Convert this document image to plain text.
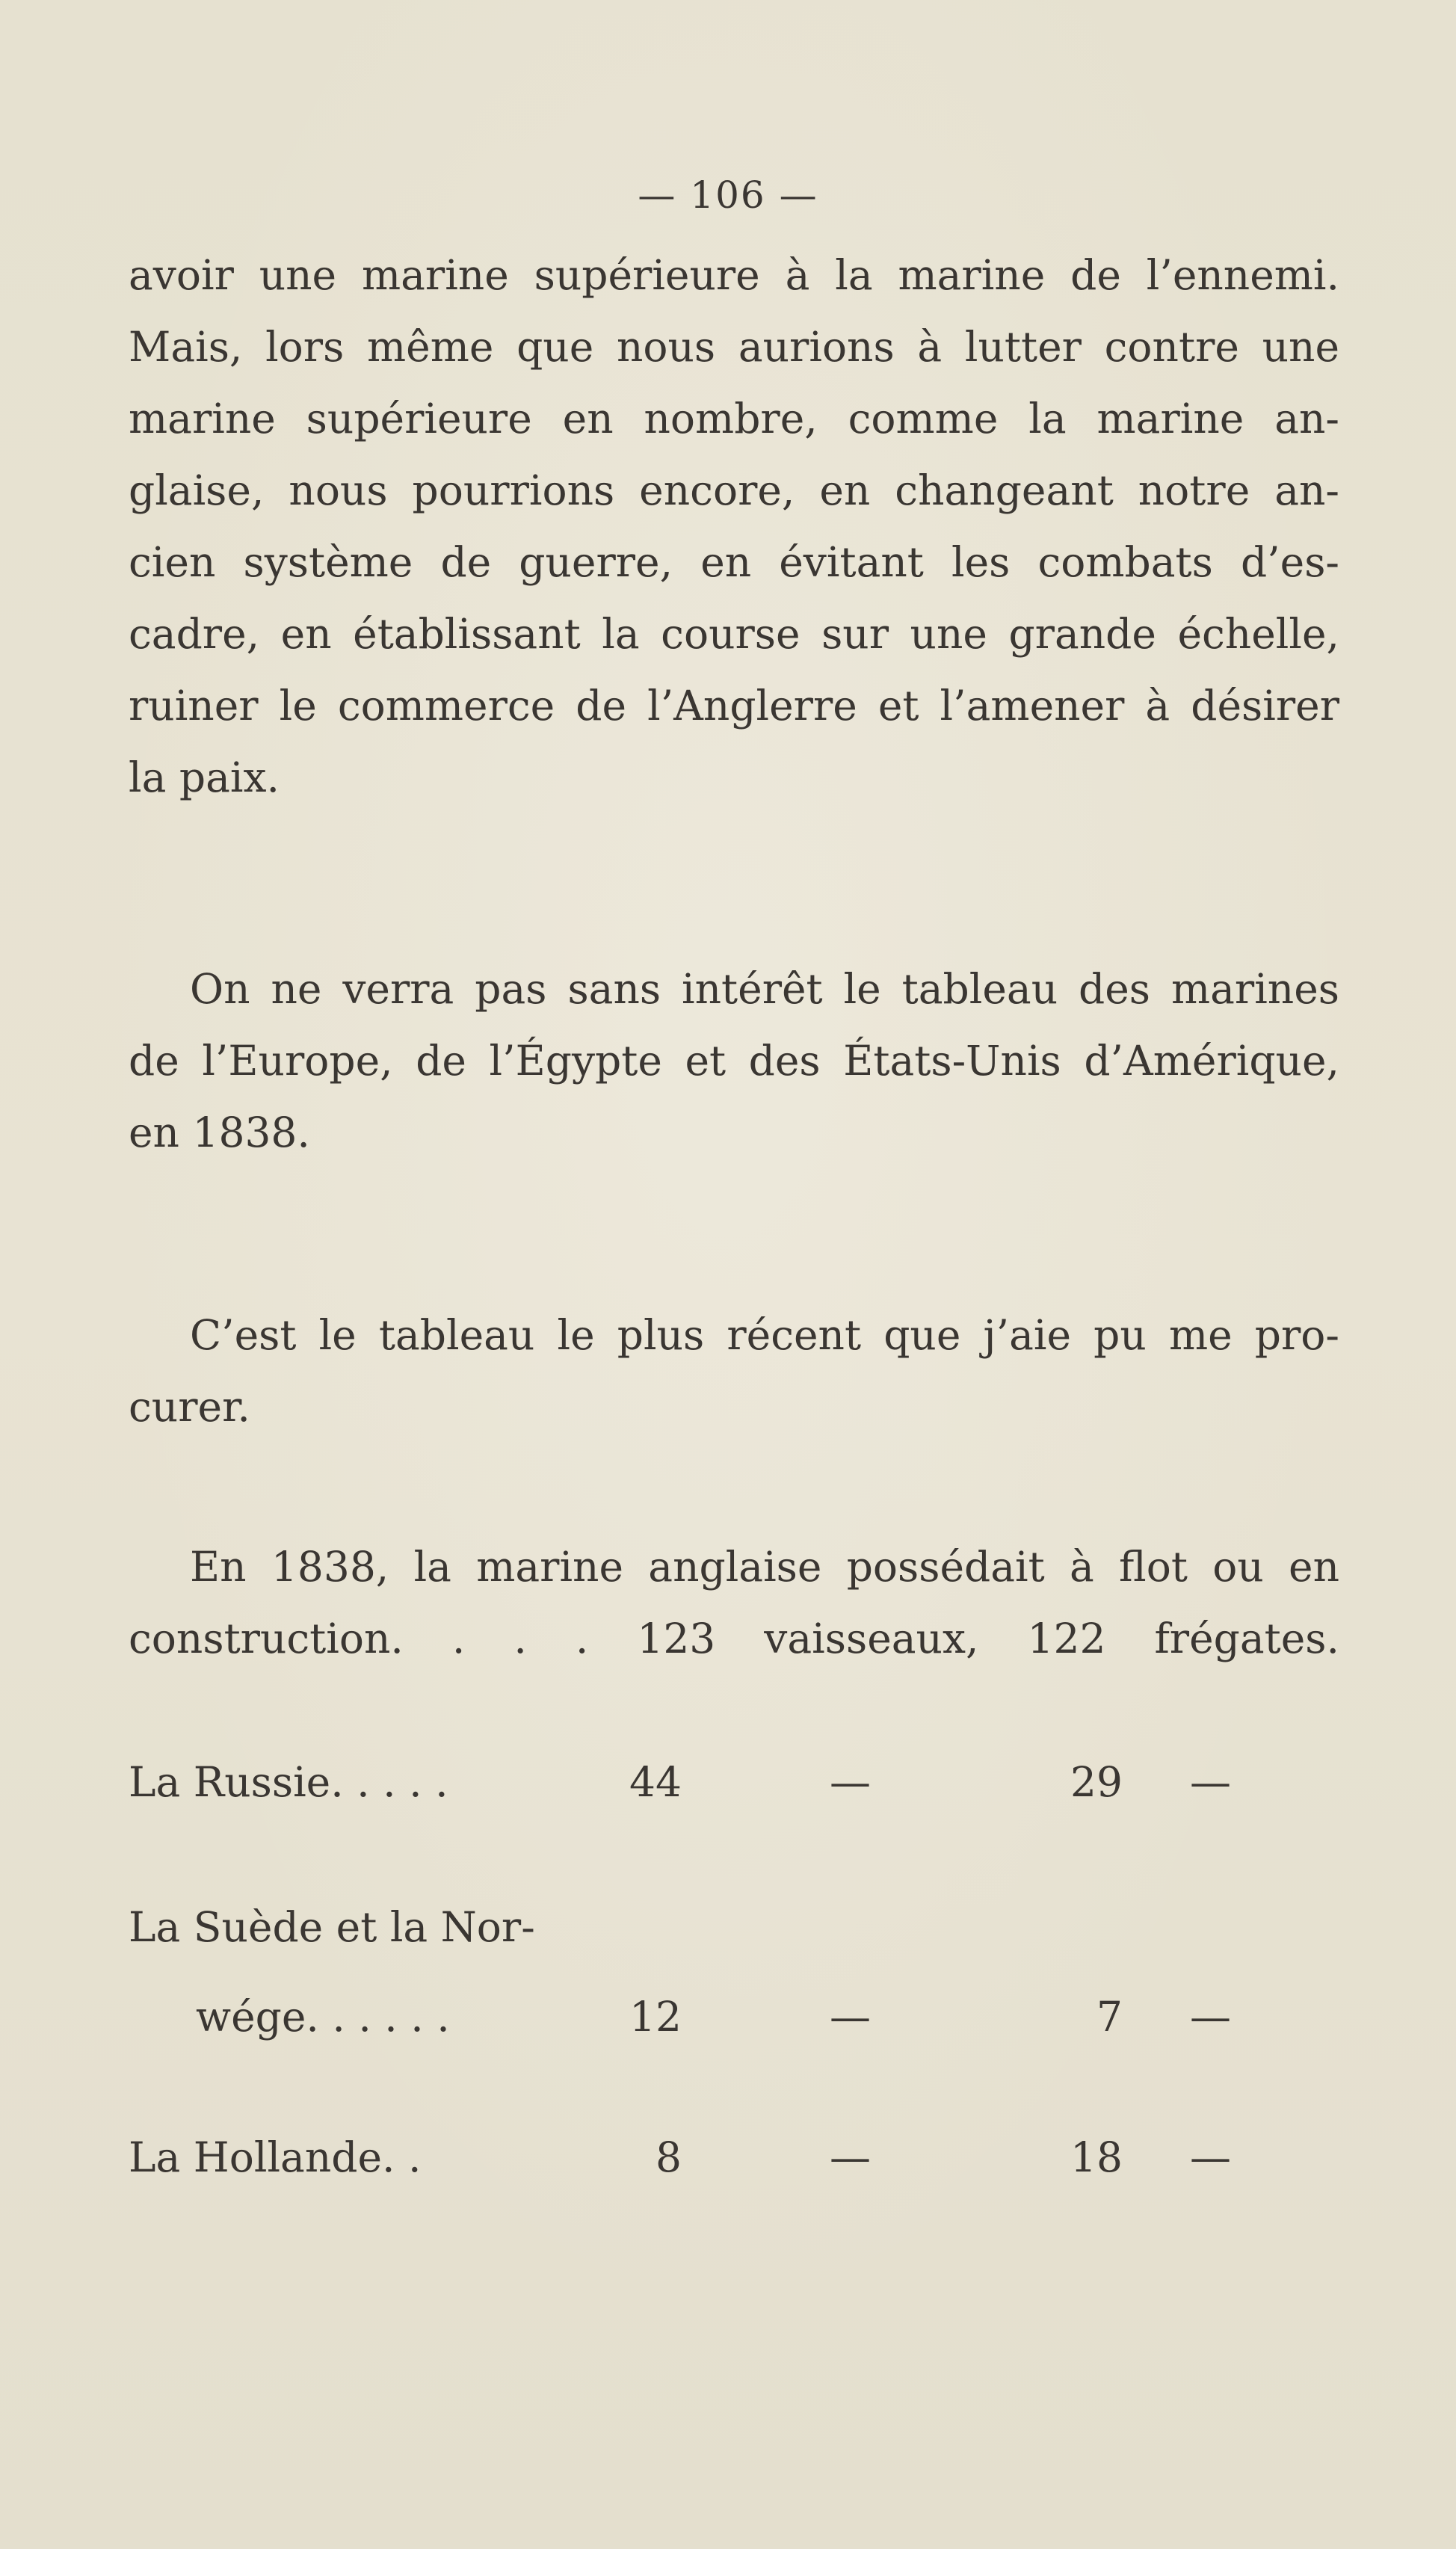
— 106 —
avoir une marine supérieure à la marine de l’ennemi.
Mais, lors même que nous aurions à lutter contre une
marine supérieure en nombre, comme la marine an-
glaise, nous pourrions encore, en changeant notre an-
cien système de guerre, en évitant les combats d’es-
cadre, en établissant la course sur une grande échelle,
ruiner le commerce de l’Anglerre et l’amener à désirer
la paix.
On ne verra pas sans intérêt le tableau des marines
de l’Europe, de l’Égypte et des États-Unis d’Amérique,
en 1838.
C’est le tableau le plus récent que j’aie pu me pro-
curer.
En 1838, la marine anglaise possédait à flot ou en
construction. . . . 123 vaisseaux, 122 frégates.
La Russie. . . . .	44	—	29 —
La Suède et la Nor-
wége. . . . . .	12	—	7 —
La Hollande. .	8	—	18 —
